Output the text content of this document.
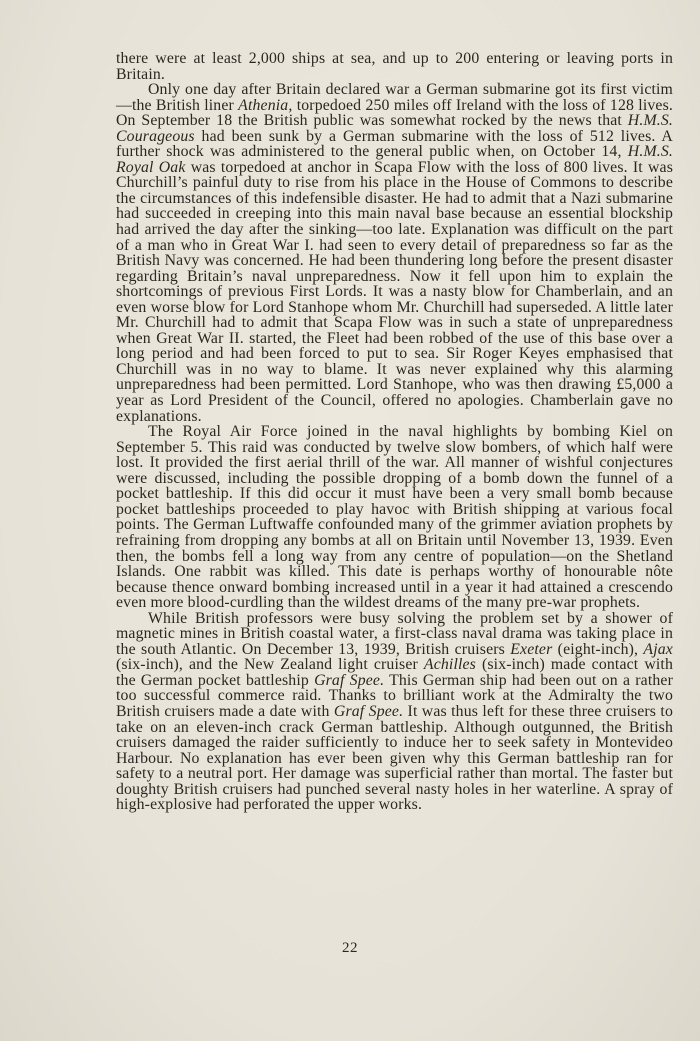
there were at least 2,000 ships at sea, and up to 200 entering or leaving ports in Britain.

Only one day after Britain declared war a German submarine got its first victim—the British liner Athenia, torpedoed 250 miles off Ireland with the loss of 128 lives. On September 18 the British public was somewhat rocked by the news that H.M.S. Courageous had been sunk by a German submarine with the loss of 512 lives. A further shock was administered to the general public when, on October 14, H.M.S. Royal Oak was torpedoed at anchor in Scapa Flow with the loss of 800 lives. It was Churchill’s painful duty to rise from his place in the House of Commons to describe the circumstances of this indefensible disaster. He had to admit that a Nazi submarine had succeeded in creeping into this main naval base because an essential blockship had arrived the day after the sinking—too late. Explanation was difficult on the part of a man who in Great War I. had seen to every detail of preparedness so far as the British Navy was concerned. He had been thundering long before the present disaster regarding Britain’s naval unpreparedness. Now it fell upon him to explain the shortcomings of previous First Lords. It was a nasty blow for Chamberlain, and an even worse blow for Lord Stanhope whom Mr. Churchill had superseded. A little later Mr. Churchill had to admit that Scapa Flow was in such a state of unpreparedness when Great War II. started, the Fleet had been robbed of the use of this base over a long period and had been forced to put to sea. Sir Roger Keyes emphasised that Churchill was in no way to blame. It was never explained why this alarming unpreparedness had been permitted. Lord Stanhope, who was then drawing £5,000 a year as Lord President of the Council, offered no apologies. Chamberlain gave no explanations.

The Royal Air Force joined in the naval highlights by bombing Kiel on September 5. This raid was conducted by twelve slow bombers, of which half were lost. It provided the first aerial thrill of the war. All manner of wishful conjectures were discussed, including the possible dropping of a bomb down the funnel of a pocket battleship. If this did occur it must have been a very small bomb because pocket battleships proceeded to play havoc with British shipping at various focal points. The German Luftwaffe confounded many of the grimmer aviation prophets by refraining from dropping any bombs at all on Britain until November 13, 1939. Even then, the bombs fell a long way from any centre of population—on the Shetland Islands. One rabbit was killed. This date is perhaps worthy of honourable nôte because thence onward bombing increased until in a year it had attained a crescendo even more blood-curdling than the wildest dreams of the many pre-war prophets.

While British professors were busy solving the problem set by a shower of magnetic mines in British coastal water, a first-class naval drama was taking place in the south Atlantic. On December 13, 1939, British cruisers Exeter (eight-inch), Ajax (six-inch), and the New Zealand light cruiser Achilles (six-inch) made contact with the German pocket battleship Graf Spee. This German ship had been out on a rather too successful commerce raid. Thanks to brilliant work at the Admiralty the two British cruisers made a date with Graf Spee. It was thus left for these three cruisers to take on an eleven-inch crack German battleship. Although outgunned, the British cruisers damaged the raider sufficiently to induce her to seek safety in Montevideo Harbour. No explanation has ever been given why this German battleship ran for safety to a neutral port. Her damage was superficial rather than mortal. The faster but doughty British cruisers had punched several nasty holes in her waterline. A spray of high-explosive had perforated the upper works.

22
